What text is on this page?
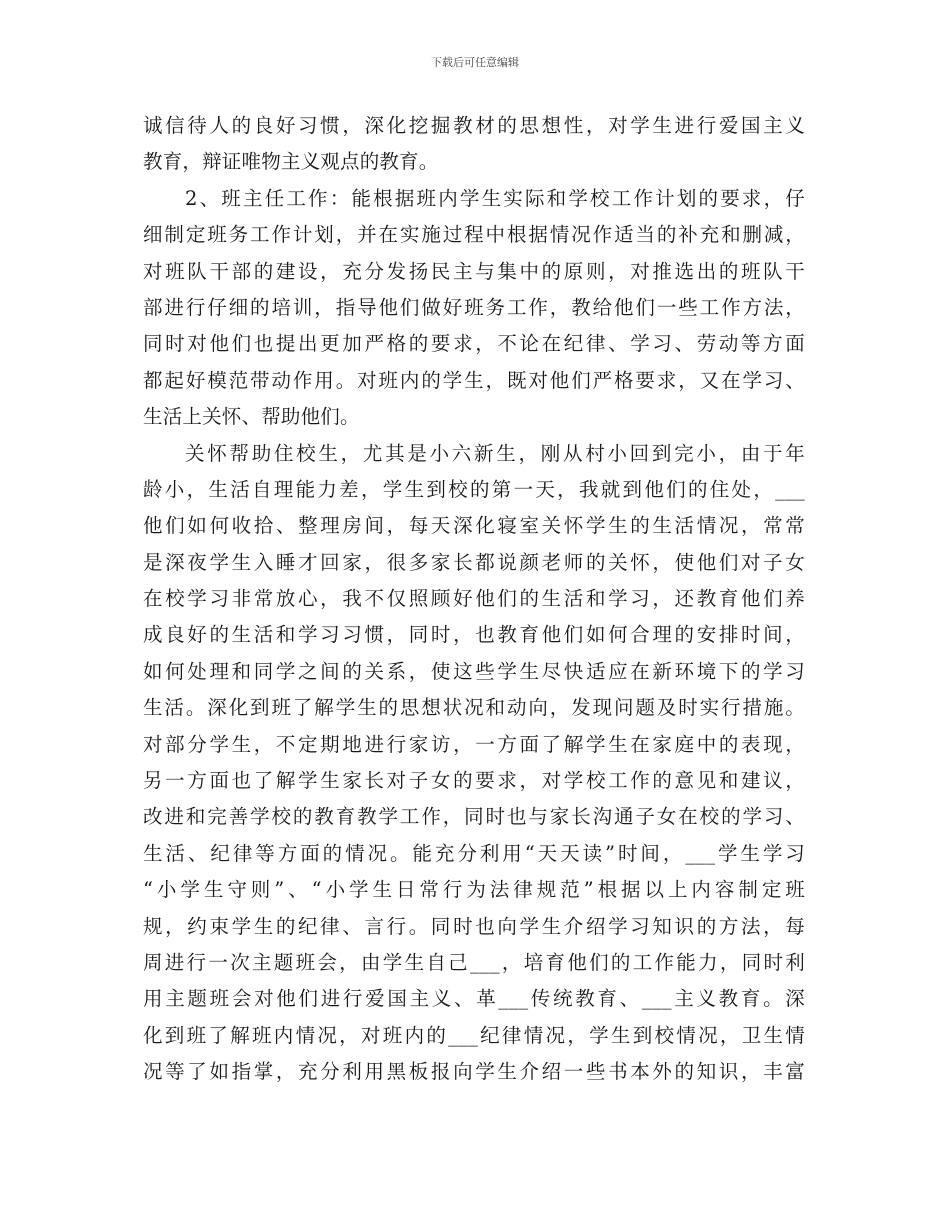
下载后可任意编辑
诚信待人的良好习惯，深化挖掘教材的思想性，对学生进行爱国主义
教育，辩证唯物主义观点的教育。
2、班主任工作：能根据班内学生实际和学校工作计划的要求，仔
细制定班务工作计划，并在实施过程中根据情况作适当的补充和删减，
对班队干部的建设，充分发扬民主与集中的原则，对推选出的班队干
部进行仔细的培训，指导他们做好班务工作，教给他们一些工作方法，
同时对他们也提出更加严格的要求，不论在纪律、学习、劳动等方面
都起好模范带动作用。对班内的学生，既对他们严格要求，又在学习、
生活上关怀、帮助他们。
关怀帮助住校生，尤其是小六新生，刚从村小回到完小，由于年
龄小，生活自理能力差，学生到校的第一天，我就到他们的住处，___
他们如何收拾、整理房间，每天深化寝室关怀学生的生活情况，常常
是深夜学生入睡才回家，很多家长都说颜老师的关怀，使他们对子女
在校学习非常放心，我不仅照顾好他们的生活和学习，还教育他们养
成良好的生活和学习习惯，同时，也教育他们如何合理的安排时间，
如何处理和同学之间的关系，使这些学生尽快适应在新环境下的学习
生活。深化到班了解学生的思想状况和动向，发现问题及时实行措施。
对部分学生，不定期地进行家访，一方面了解学生在家庭中的表现，
另一方面也了解学生家长对子女的要求，对学校工作的意见和建议，
改进和完善学校的教育教学工作，同时也与家长沟通子女在校的学习、
生活、纪律等方面的情况。能充分利用“天天读”时间，___学生学习
“小学生守则”、“小学生日常行为法律规范”根据以上内容制定班
规，约束学生的纪律、言行。同时也向学生介绍学习知识的方法，每
周进行一次主题班会，由学生自己___，培育他们的工作能力，同时利
用主题班会对他们进行爱国主义、革___传统教育、___主义教育。深
化到班了解班内情况，对班内的___纪律情况，学生到校情况，卫生情
况等了如指掌，充分利用黑板报向学生介绍一些书本外的知识，丰富
